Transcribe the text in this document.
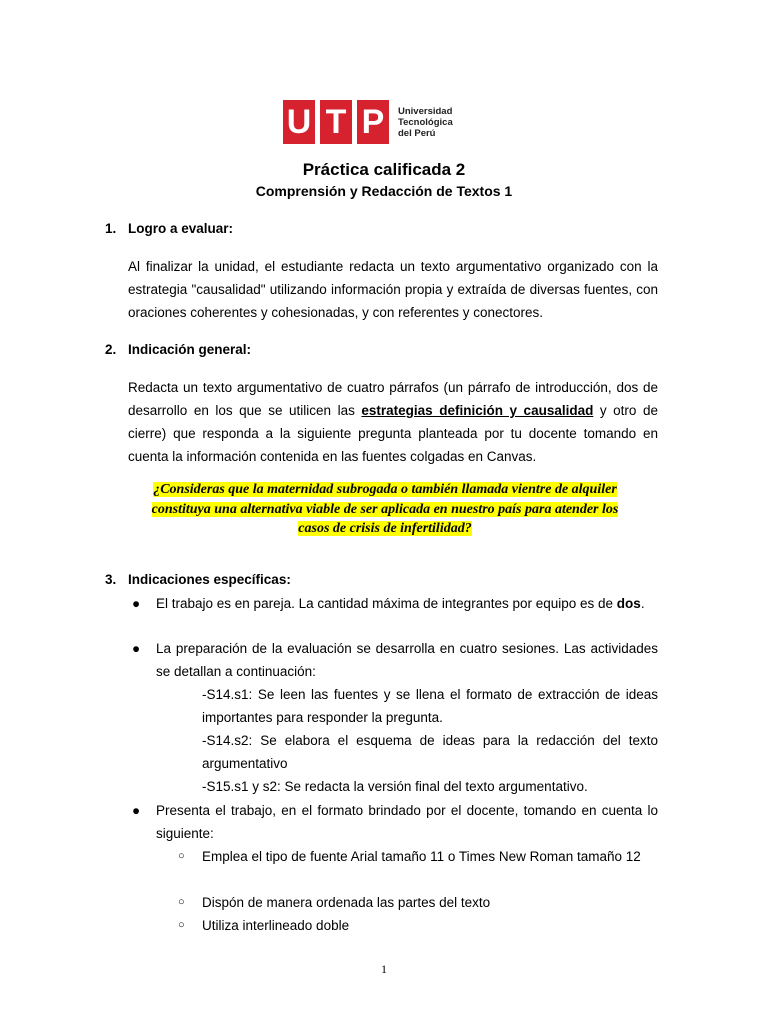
U T P	Universidad
Tecnológica
del Perú
Práctica calificada 2
Comprensión y Redacción de Textos 1
1. Logro a evaluar:
Al finalizar la unidad, el estudiante redacta un texto argumentativo organizado con la estrategia "causalidad" utilizando información propia y extraída de diversas fuentes, con oraciones coherentes y cohesionadas, y con referentes y conectores.
2. Indicación general:
Redacta un texto argumentativo de cuatro párrafos (un párrafo de introducción, dos de desarrollo en los que se utilicen las estrategias definición y causalidad y otro de cierre) que responda a la siguiente pregunta planteada por tu docente tomando en cuenta la información contenida en las fuentes colgadas en Canvas.
¿Consideras que la maternidad subrogada o también llamada vientre de alquiler
constituya una alternativa viable de ser aplicada en nuestro país para atender los
casos de crisis de infertilidad?
3. Indicaciones específicas:
● El trabajo es en pareja. La cantidad máxima de integrantes por equipo es de dos.
● La preparación de la evaluación se desarrolla en cuatro sesiones. Las actividades se detallan a continuación:
-S14.s1: Se leen las fuentes y se llena el formato de extracción de ideas importantes para responder la pregunta.
-S14.s2: Se elabora el esquema de ideas para la redacción del texto argumentativo
-S15.s1 y s2: Se redacta la versión final del texto argumentativo.
● Presenta el trabajo, en el formato brindado por el docente, tomando en cuenta lo siguiente:
○ Emplea el tipo de fuente Arial tamaño 11 o Times New Roman tamaño 12
○ Dispón de manera ordenada las partes del texto
○ Utiliza interlineado doble
1
